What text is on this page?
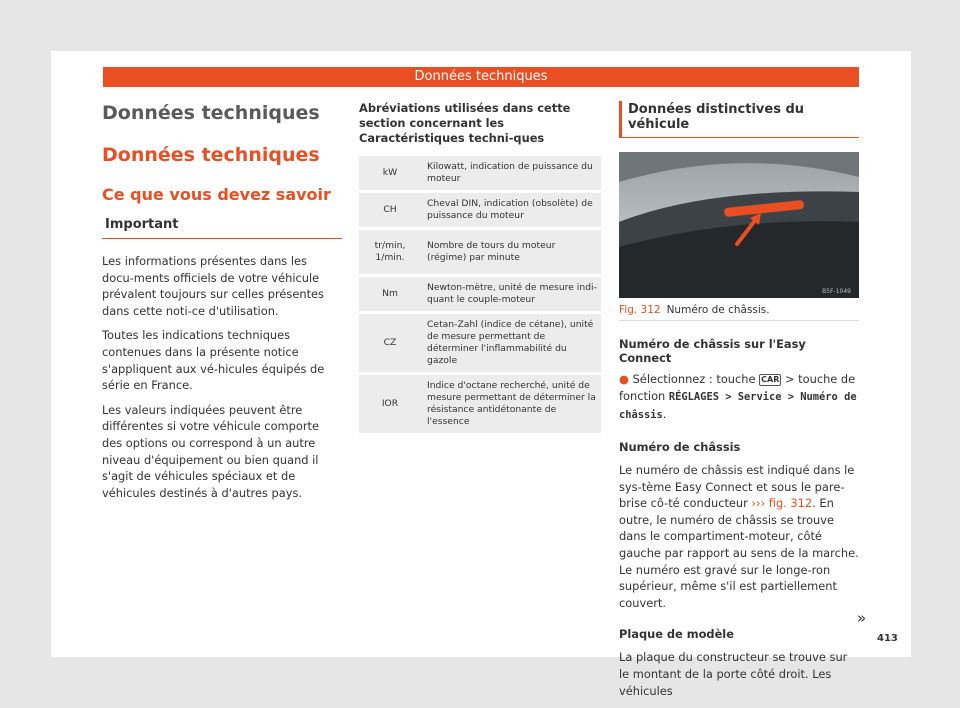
Données techniques
Données techniques
Données techniques
Ce que vous devez savoir
Important

Les informations présentes dans les docu-ments officiels de votre véhicule prévalent toujours sur celles présentes dans cette noti-ce d'utilisation.

Toutes les indications techniques contenues dans la présente notice s'appliquent aux vé-hicules équipés de série en France.

Les valeurs indiquées peuvent être différentes si votre véhicule comporte des options ou correspond à un autre niveau d'équipement ou bien quand il s'agit de véhicules spéciaux et de véhicules destinés à d'autres pays.

Abréviations utilisées dans cette section concernant les Caractéristiques techni-ques
kW
Kilowatt, indication de puissance du moteur
CH
Cheval DIN, indication (obsolète) de puissance du moteur
tr/min, 1/min.
Nombre de tours du moteur (régime) par minute
Nm
Newton-mètre, unité de mesure indi-quant le couple-moteur
CZ
Cetan-Zahl (indice de cétane), unité de mesure permettant de déterminer l'inflammabilité du gazole
IOR
Indice d'octane recherché, unité de mesure permettant de déterminer la résistance antidétonante de l'essence
Données distinctives du véhicule
B5F-1049
Fig. 312 Numéro de châssis.
Numéro de châssis sur l'Easy Connect
● Sélectionnez : touche CAR > touche de fonction RÉGLAGES > Service > Numéro de châssis.
Numéro de châssis

Le numéro de châssis est indiqué dans le sys-tème Easy Connect et sous le pare-brise cô-té conducteur ››› fig. 312. En outre, le numéro de châssis se trouve dans le compartiment-moteur, côté gauche par rapport au sens de la marche. Le numéro est gravé sur le longe-ron supérieur, même s'il est partiellement couvert.

Plaque de modèle

La plaque du constructeur se trouve sur le montant de la porte côté droit. Les véhicules

»
413
